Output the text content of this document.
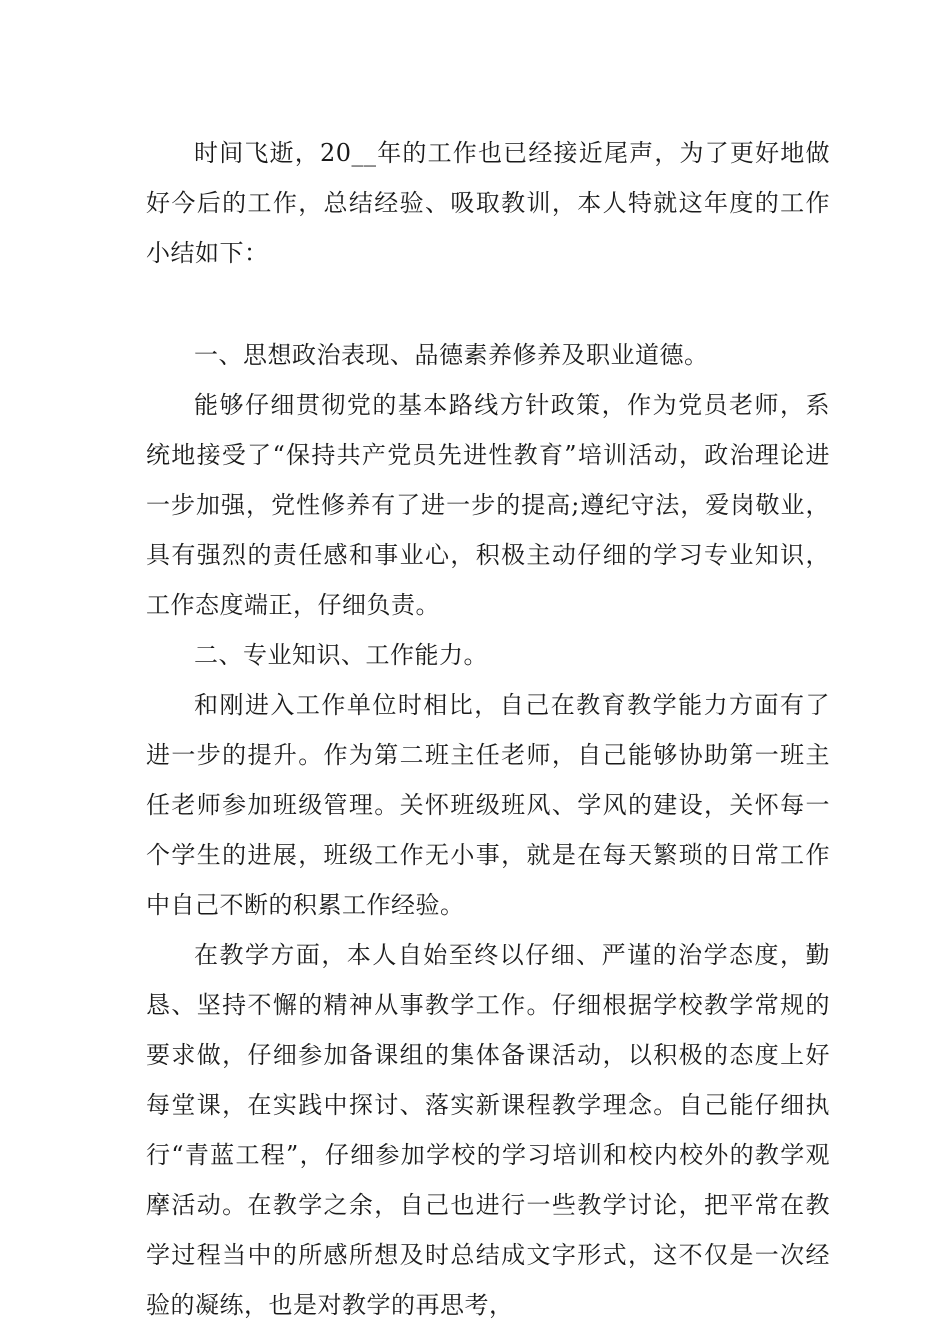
时间飞逝，20__年的工作也已经接近尾声，为了更好地做好今后的工作，总结经验、吸取教训，本人特就这年度的工作小结如下：

一、思想政治表现、品德素养修养及职业道德。

能够仔细贯彻党的基本路线方针政策，作为党员老师，系统地接受了“保持共产党员先进性教育”培训活动，政治理论进一步加强，党性修养有了进一步的提高;遵纪守法，爱岗敬业，具有强烈的责任感和事业心，积极主动仔细的学习专业知识，工作态度端正，仔细负责。

二、专业知识、工作能力。

和刚进入工作单位时相比，自己在教育教学能力方面有了进一步的提升。作为第二班主任老师，自己能够协助第一班主任老师参加班级管理。关怀班级班风、学风的建设，关怀每一个学生的进展，班级工作无小事，就是在每天繁琐的日常工作中自己不断的积累工作经验。

在教学方面，本人自始至终以仔细、严谨的治学态度，勤恳、坚持不懈的精神从事教学工作。仔细根据学校教学常规的要求做，仔细参加备课组的集体备课活动，以积极的态度上好每堂课，在实践中探讨、落实新课程教学理念。自己能仔细执行“青蓝工程”，仔细参加学校的学习培训和校内校外的教学观摩活动。在教学之余，自己也进行一些教学讨论，把平常在教学过程当中的所感所想及时总结成文字形式，这不仅是一次经验的凝练，也是对教学的再思考，
